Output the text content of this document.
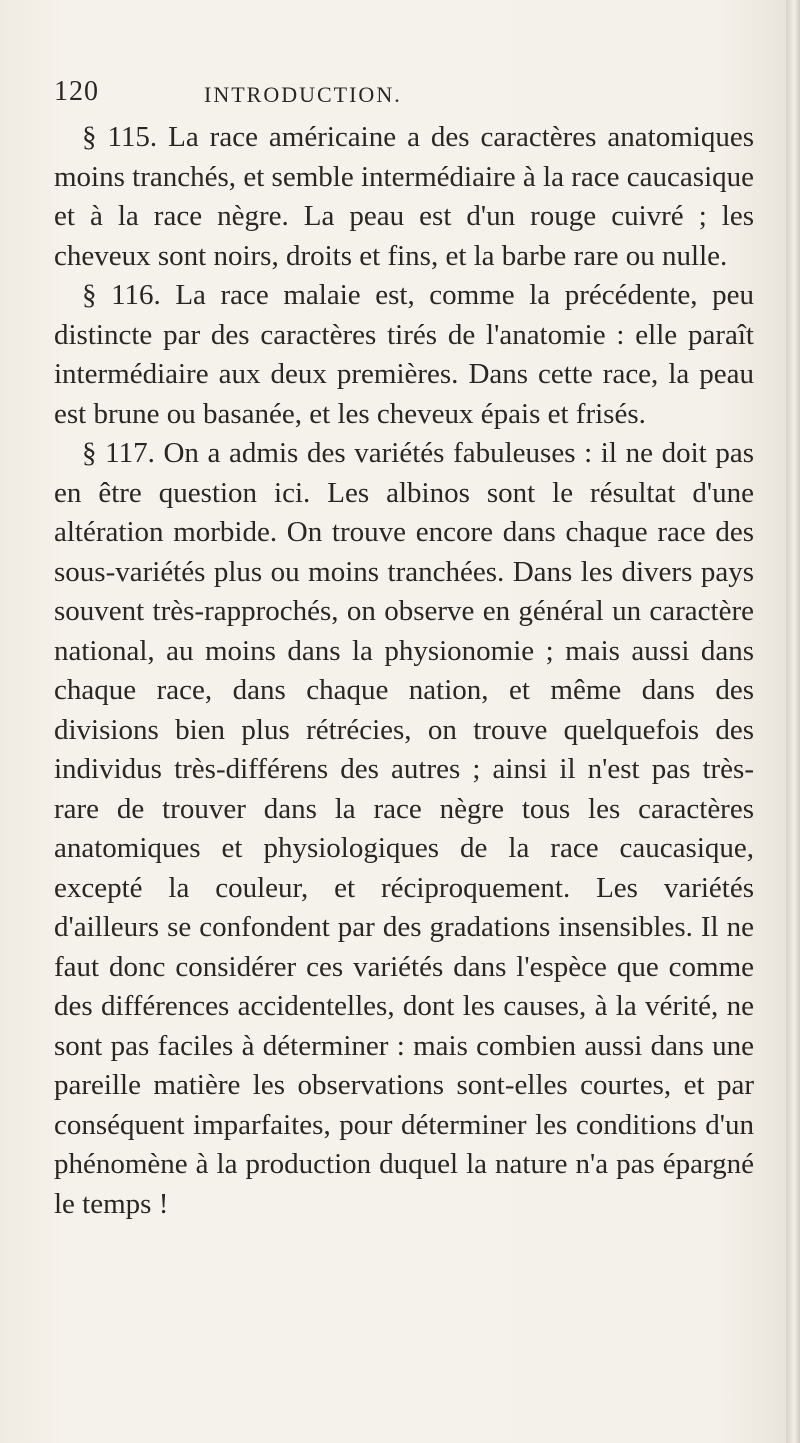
120	INTRODUCTION.

§ 115. La race américaine a des caractères anatomiques moins tranchés, et semble intermédiaire à la race caucasique et à la race nègre. La peau est d'un rouge cuivré ; les cheveux sont noirs, droits et fins, et la barbe rare ou nulle.

§ 116. La race malaie est, comme la précédente, peu distincte par des caractères tirés de l'anatomie : elle paraît intermédiaire aux deux premières. Dans cette race, la peau est brune ou basanée, et les cheveux épais et frisés.

§ 117. On a admis des variétés fabuleuses : il ne doit pas en être question ici. Les albinos sont le résultat d'une altération morbide. On trouve encore dans chaque race des sous-variétés plus ou moins tranchées. Dans les divers pays souvent très-rapprochés, on observe en général un caractère national, au moins dans la physionomie ; mais aussi dans chaque race, dans chaque nation, et même dans des divisions bien plus rétrécies, on trouve quelquefois des individus très-différens des autres ; ainsi il n'est pas très-rare de trouver dans la race nègre tous les caractères anatomiques et physiologiques de la race caucasique, excepté la couleur, et réciproquement. Les variétés d'ailleurs se confondent par des gradations insensibles. Il ne faut donc considérer ces variétés dans l'espèce que comme des différences accidentelles, dont les causes, à la vérité, ne sont pas faciles à déterminer : mais combien aussi dans une pareille matière les observations sont-elles courtes, et par conséquent imparfaites, pour déterminer les conditions d'un phénomène à la production duquel la nature n'a pas épargné le temps !
